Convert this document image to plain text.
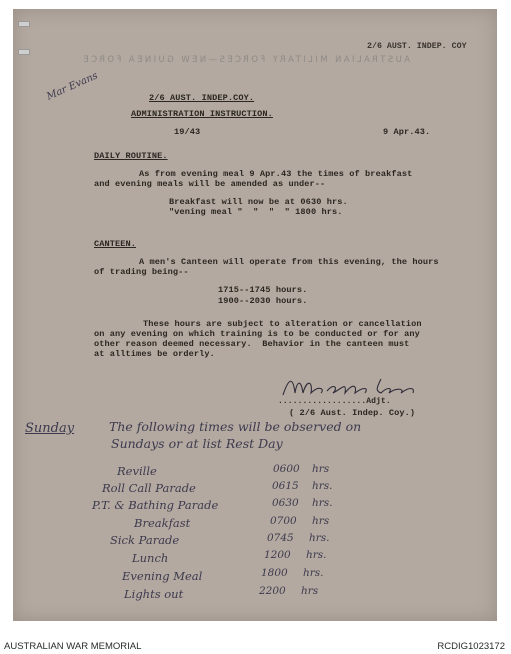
AUSTRALIAN MILITARY FORCES—NEW GUINEA FORCE
2/6 AUST. INDEP. COY
Mar Evans	2/6 AUST. INDEP.COY.
ADMINISTRATION INSTRUCTION.
19/43	9 Apr.43.
DAILY ROUTINE.
As from evening meal 9 Apr.43 the times of breakfast
and evening meals will be amended as under--
Breakfast will now be at 0630 hrs.
"vening meal "  "  "  " 1800 hrs.
CANTEEN.
A men's Canteen will operate from this evening, the hours
of trading being--
1715--1745 hours.
1900--2030 hours.
These hours are subject to alteration or cancellation
on any evening on which training is to be conducted or for any
other reason deemed necessary.  Behavior in the canteen must
at alltimes be orderly.
..................Adjt.
( 2/6 Aust. Indep. Coy.)
Sunday	The following times will be observed on
Sundays or at list Rest Day
Reville	0600 hrs
Roll Call Parade	0615 hrs.
P.T. & Bathing Parade	0630 hrs.
Breakfast	0700 hrs
Sick Parade	0745 hrs.
Lunch	1200 hrs.
Evening Meal	1800 hrs.
Lights out	2200 hrs
AUSTRALIAN WAR MEMORIAL	RCDIG1023172
